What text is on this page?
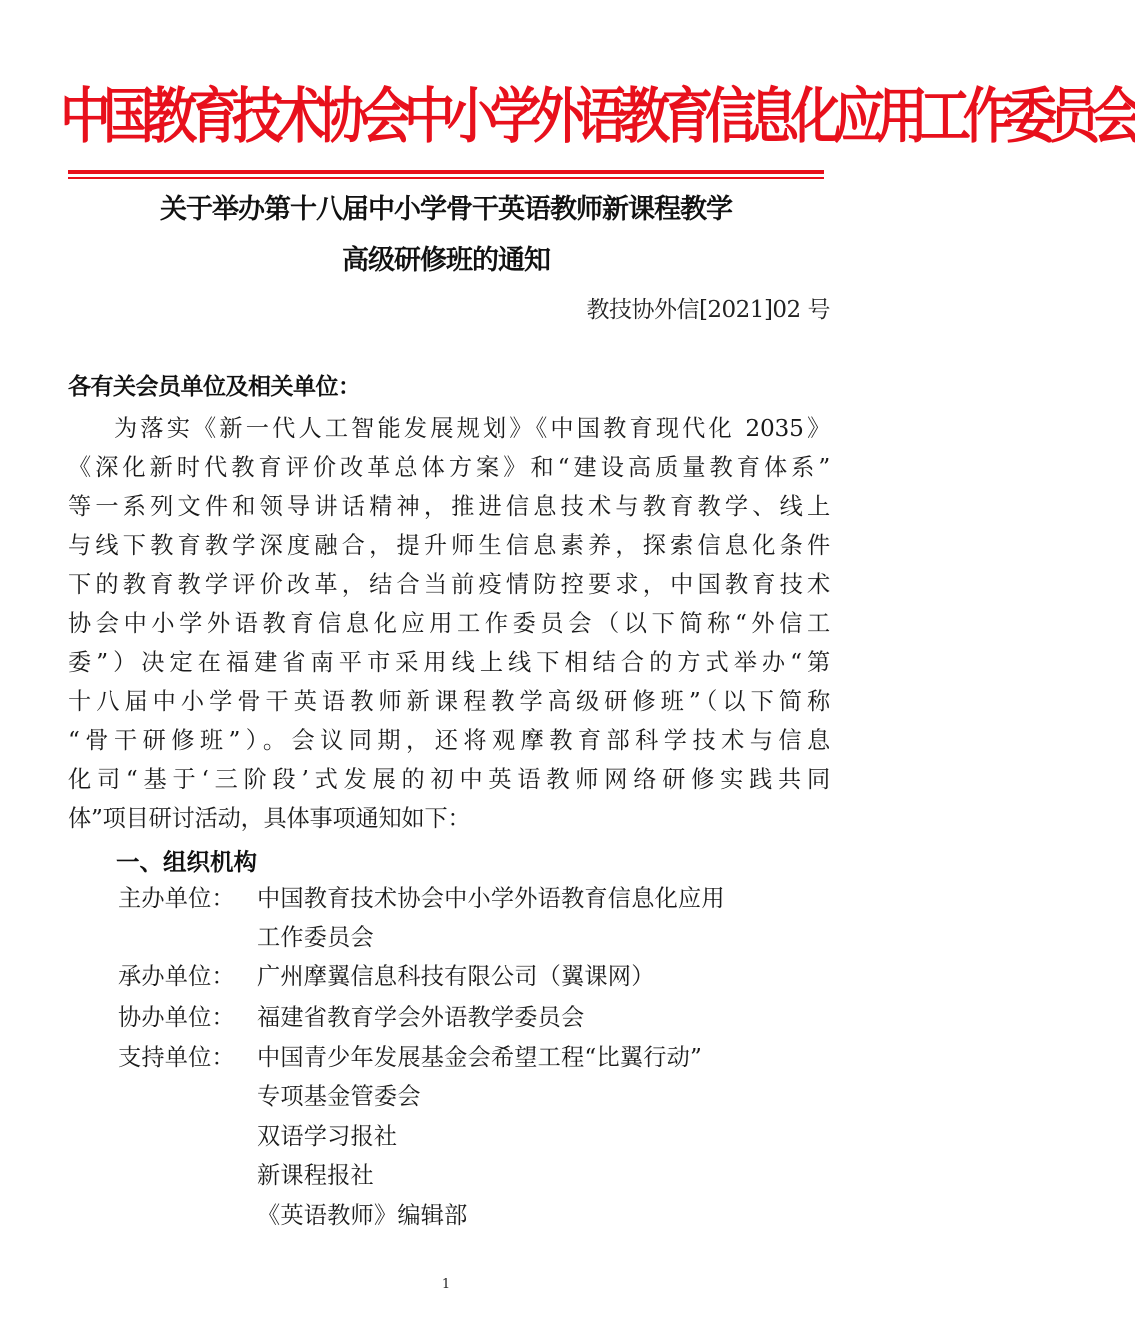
中国教育技术协会中小学外语教育信息化应用工作委员会
关于举办第十八届中小学骨干英语教师新课程教学
高级研修班的通知
教技协外信[2021]02 号
各有关会员单位及相关单位：
为落实《新一代人工智能发展规划》《中国教育现代化 2035》
《深化新时代教育评价改革总体方案》和“建设高质量教育体系”
等一系列文件和领导讲话精神，推进信息技术与教育教学、线上
与线下教育教学深度融合，提升师生信息素养，探索信息化条件
下的教育教学评价改革，结合当前疫情防控要求，中国教育技术
协会中小学外语教育信息化应用工作委员会（以下简称“外信工
委”）决定在福建省南平市采用线上线下相结合的方式举办“第
十八届中小学骨干英语教师新课程教学高级研修班”（以下简称
“骨干研修班”）。会议同期，还将观摩教育部科学技术与信息
化司“基于‘三阶段’式发展的初中英语教师网络研修实践共同
体”项目研讨活动，具体事项通知如下：
一、组织机构
主办单位： 中国教育技术协会中小学外语教育信息化应用
工作委员会
承办单位： 广州摩翼信息科技有限公司（翼课网）
协办单位： 福建省教育学会外语教学委员会
支持单位： 中国青少年发展基金会希望工程“比翼行动”
专项基金管委会
双语学习报社
新课程报社
《英语教师》编辑部
1
